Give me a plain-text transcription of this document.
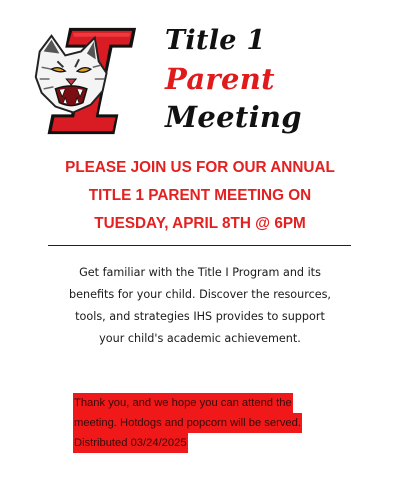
Title 1
Parent
Meeting
PLEASE JOIN US FOR OUR ANNUAL
TITLE 1 PARENT MEETING ON
TUESDAY, APRIL 8TH @ 6PM
Get familiar with the Title I Program and its
benefits for your child. Discover the resources,
tools, and strategies IHS provides to support
your child's academic achievement.
Thank you, and we hope you can attend the
meeting. Hotdogs and popcorn will be served.
Distributed 03/24/2025
